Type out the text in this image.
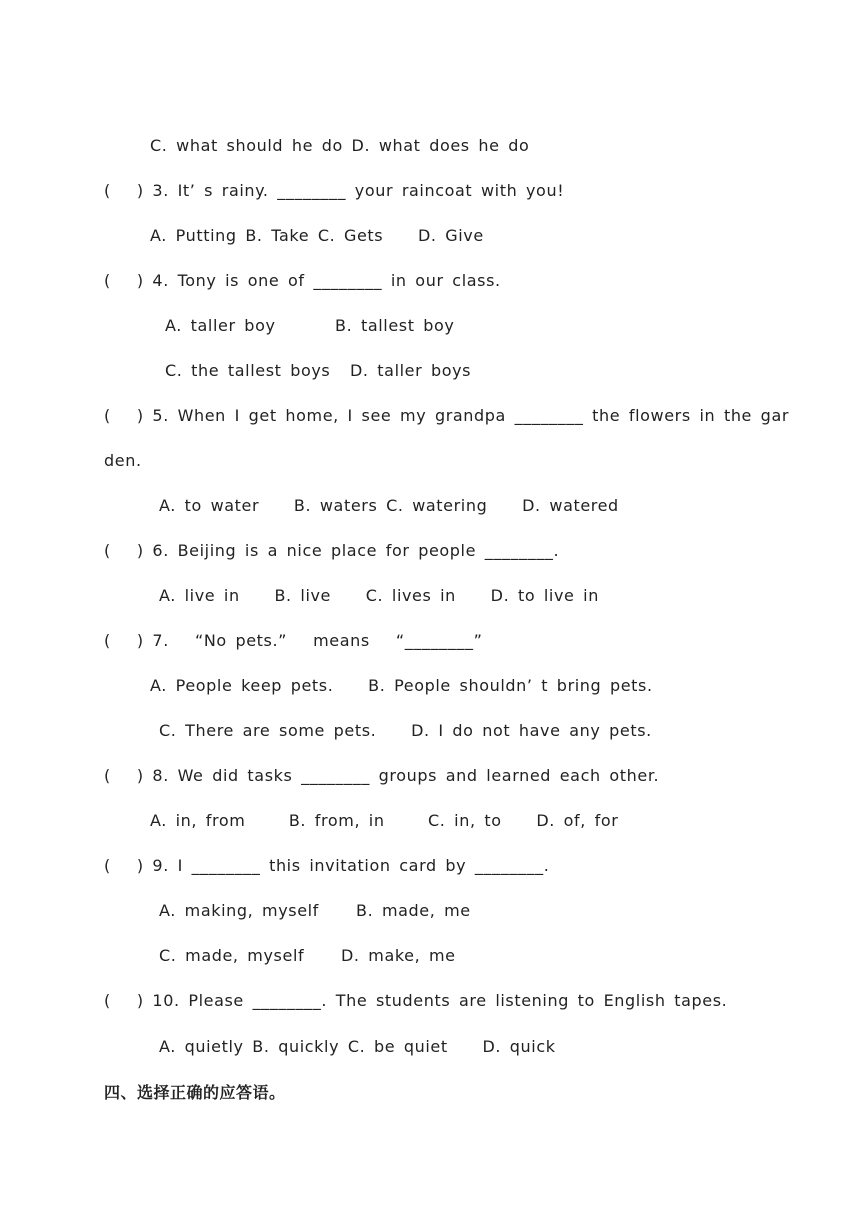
C. what should he do D. what does he do
(   ) 3. It’ s rainy. ________ your raincoat with you!
A. Putting B. Take C. Gets    D. Give
(   ) 4. Tony is one of ________ in our class.
A. taller boy	B. tallest boy
C. the tallest boys D. taller boys
(   ) 5. When I get home, I see my grandpa ________ the flowers in the gar
den.
A. to water    B. waters C. watering    D. watered
(   ) 6. Beijing is a nice place for people ________.
A. live in    B. live    C. lives in    D. to live in
(   ) 7.   “No pets.”   means   “________”
A. People keep pets.    B. People shouldn’ t bring pets.
C. There are some pets.    D. I do not have any pets.
(   ) 8. We did tasks ________ groups and learned each other.
A. in, from     B. from, in     C. in, to    D. of, for
(   ) 9. I ________ this invitation card by ________.
A. making, myself B. made, me
C. made, myself D. make, me
(   ) 10. Please ________. The students are listening to English tapes.
A. quietly B. quickly C. be quiet    D. quick
四、选择正确的应答语。
